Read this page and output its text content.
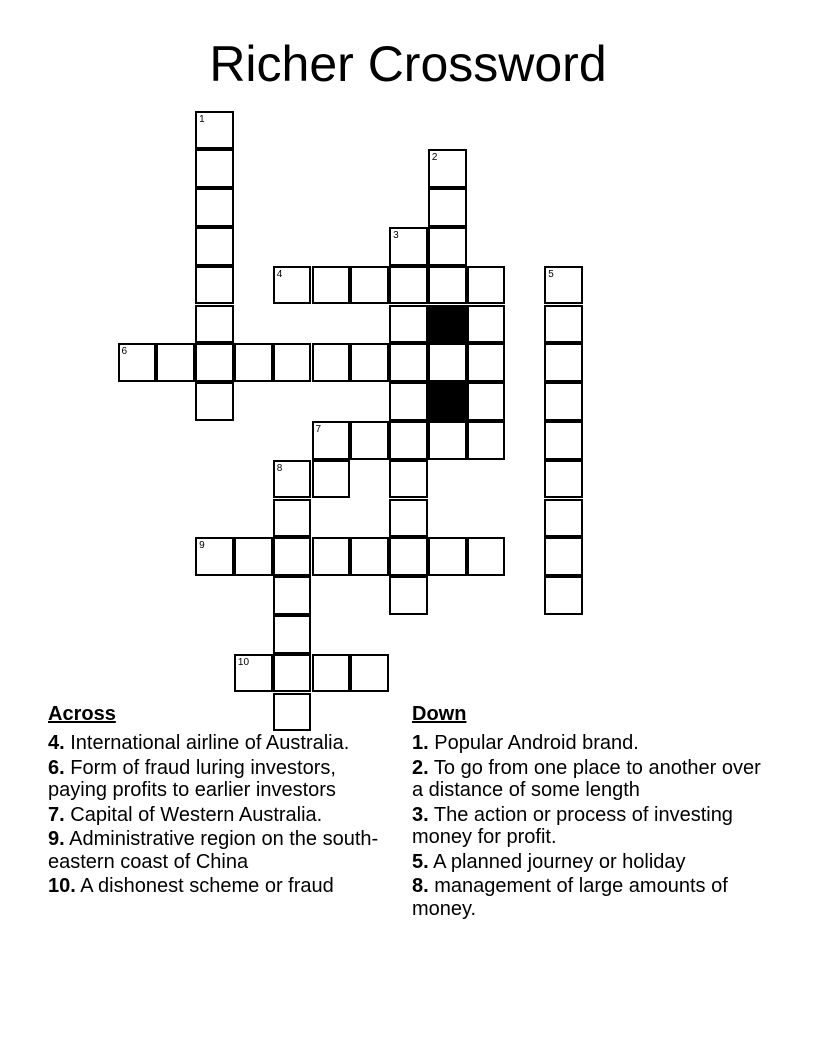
Richer Crossword
1
2
3
4	5
6
7
8
9
10
Across
4. International airline of Australia.
6. Form of fraud luring investors, paying profits to earlier investors
7. Capital of Western Australia.
9. Administrative region on the south-eastern coast of China
10. A dishonest scheme or fraud
Down
1. Popular Android brand.
2. To go from one place to another over a distance of some length
3. The action or process of investing money for profit.
5. A planned journey or holiday
8. management of large amounts of money.
